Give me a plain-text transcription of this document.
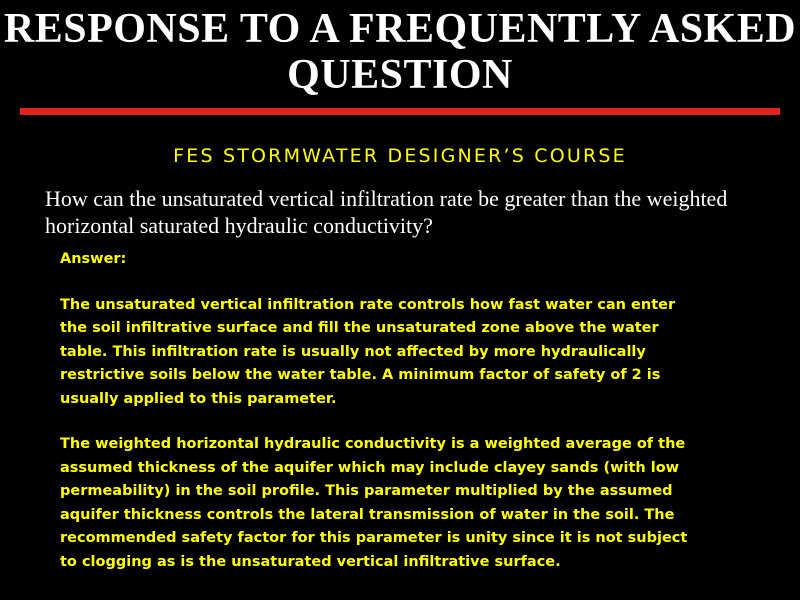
RESPONSE TO A FREQUENTLY ASKED QUESTION
FES STORMWATER DESIGNER’S COURSE
How can the unsaturated vertical infiltration rate be greater than the weighted horizontal saturated hydraulic conductivity?

Answer:

The unsaturated vertical infiltration rate controls how fast water can enter
the soil infiltrative surface and fill the unsaturated zone above the water
table. This infiltration rate is usually not affected by more hydraulically
restrictive soils below the water table. A minimum factor of safety of 2 is
usually applied to this parameter.

The weighted horizontal hydraulic conductivity is a weighted average of the
assumed thickness of the aquifer which may include clayey sands (with low
permeability) in the soil profile. This parameter multiplied by the assumed
aquifer thickness controls the lateral transmission of water in the soil. The
recommended safety factor for this parameter is unity since it is not subject
to clogging as is the unsaturated vertical infiltrative surface.
